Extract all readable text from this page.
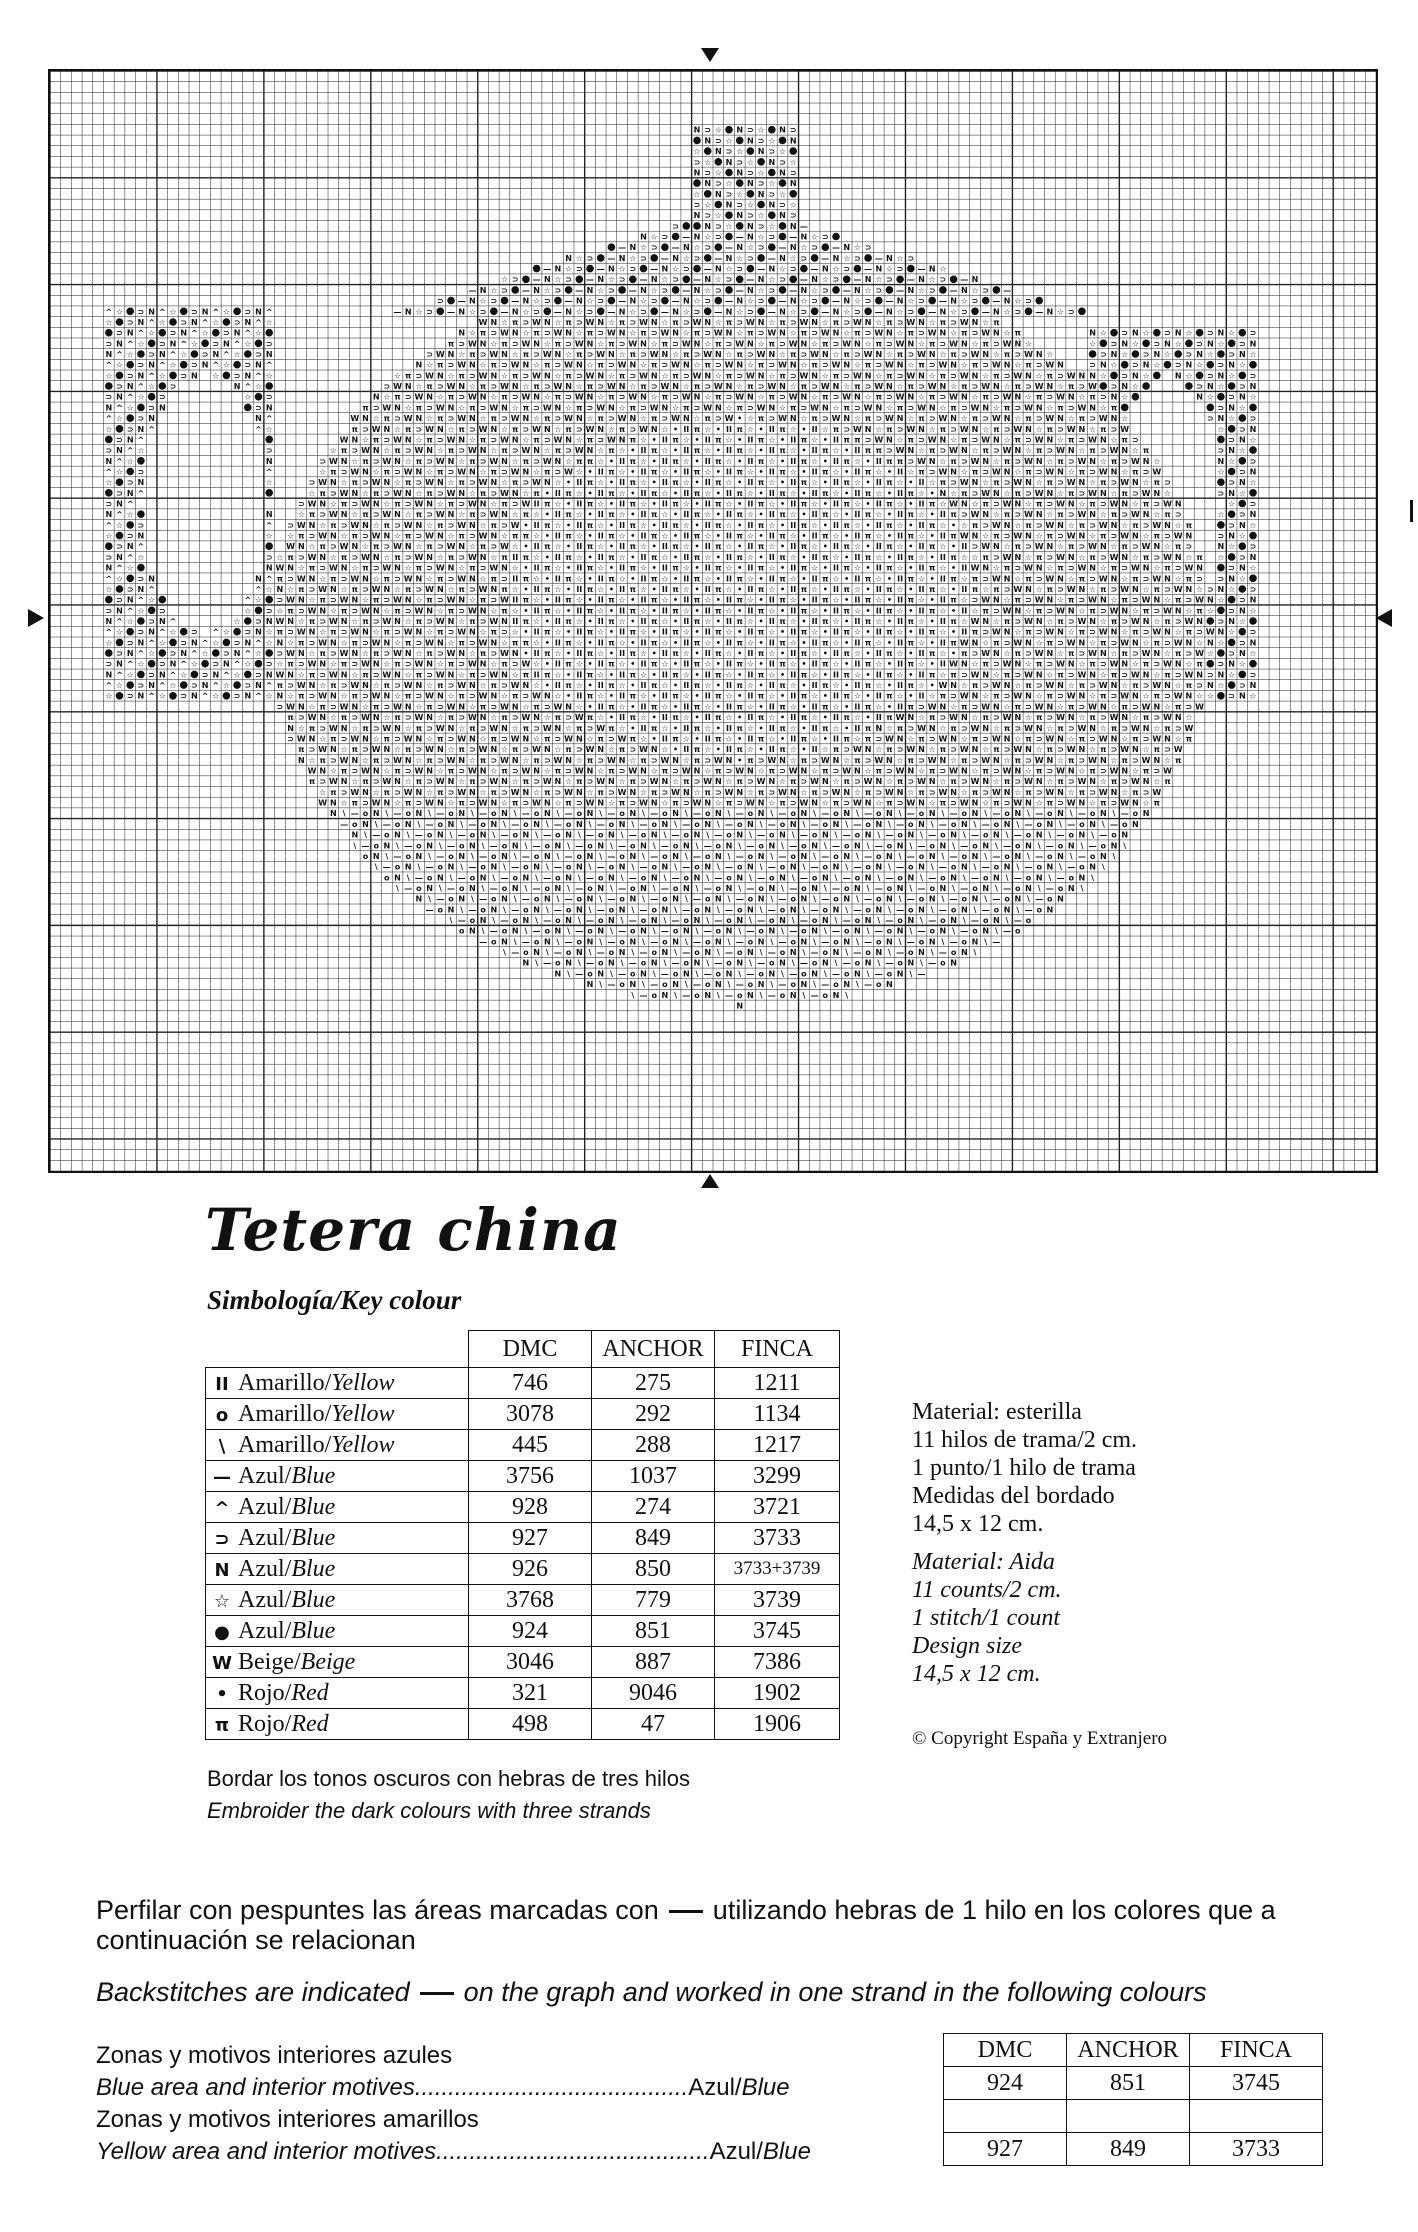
N ⊃ ☆ N ⊃ ☆ N ⊃
N ⊃ ☆ N ⊃ ☆ N
☆ N ⊃ ☆ N ⊃ ☆
⊃ ☆ N ⊃ ☆ N ⊃ ☆
N ⊃ ☆ N ⊃ ☆ N ⊃
N ⊃ ☆ N ⊃ ☆ N
☆ N ⊃ ☆ N ⊃ ☆
⊃ ☆ N ⊃ ☆ N ⊃ ☆
N ⊃ ☆ N ⊃ ☆ N ⊃
⊃	N ⊃ ☆ N ⊃ ☆ N —
N ☆ ⊃ — N ☆ ⊃ — N ☆ ⊃ — N ☆ ⊃
— N ☆ ⊃ — N ☆ ⊃ — N ☆ ⊃ — N ☆ ⊃ — N ☆ ⊃
N ☆ ⊃ — N ☆ ⊃ — N ☆ ⊃ — N ☆ ⊃ — N ☆ ⊃ — N ☆ ⊃ — N ☆ ⊃
— N ☆ ⊃ — N ☆ ⊃ — N ☆ ⊃ — N ☆ ⊃ — N ☆ ⊃ — N ☆ ⊃ — N ☆ ⊃ — N ☆
☆ ⊃ — N ☆ ⊃ — N ☆ ⊃ — N ☆ ⊃ — N ☆ ⊃ — N ☆ ⊃ — N ☆ ⊃ — N ☆ ⊃ — N ☆ ⊃ — N
— N ☆ ⊃ — N ☆ ⊃ — N ☆ ⊃ — N ☆ ⊃ — N ☆ ⊃ — N ☆ ⊃ — N ☆ ⊃ — N ☆ ⊃ — N ☆ ⊃ — N ☆ ⊃ —
⊃ — N ☆ ⊃ — N ☆ ⊃ — N ☆ ⊃ — N ☆ ⊃ — N ☆ ⊃ — N ☆ ⊃ — N ☆ ⊃ — N ☆ ⊃ — N ☆ ⊃ — N ☆ ⊃ — N ☆ ⊃
^ ☆ ⊃ N ^ ☆ ⊃ N ^ ☆ ⊃ N ^	— N ☆ ⊃ — N ☆ ⊃ — N ☆ ⊃ — N ☆ ⊃ — N ☆ ⊃ — N ☆ ⊃ — N ☆ ⊃ — N ☆ ⊃ — N ☆ ⊃ — N ☆ ⊃ — N ☆ ⊃ — N ☆ ⊃ — N ☆ ⊃
☆ ⊃ N ^ ☆ ⊃ N ^ ☆ ⊃ N ^ ☆	W N ☆ π ⊃ W N ☆ π ⊃ W N ☆ π ⊃ W N ☆ π ⊃ W N ☆ π ⊃ W N ☆ π ⊃ W N ☆ π ⊃ W N ☆ π ⊃ W N ☆ π ⊃ W N ☆ π
⊃ N ^ ☆ ⊃ N ^ ☆ ⊃ N ^ ☆	N ☆ π ⊃ W N ☆ π ⊃ W N ☆ π ⊃ W N ☆ π ⊃ W N ☆ π ⊃ W N ☆ π ⊃ W N ☆ π ⊃ W N ☆ π ⊃ W N ☆ π ⊃ W N ☆ π ⊃ W N ☆ π	N ☆ ⊃ N ☆ ⊃ N ☆ ⊃ N ☆ ⊃
⊃ N ^ ☆ ⊃ N ^ ☆ ⊃ N ^ ☆ ⊃	π ⊃ W N ☆ π ⊃ W N ☆ π ⊃ W N ☆ π ⊃ W N ☆ π ⊃ W N ☆ π ⊃ W N ☆ π ⊃ W N ☆ π ⊃ W N ☆ π ⊃ W N ☆ π ⊃ W N ☆ π ⊃ W N ☆	☆ ⊃ N ☆ ⊃ N ☆ ⊃ N ☆ ⊃ N
N ^ ☆ ⊃ N ^ ☆ ⊃ N ^ ☆ ⊃ N	⊃ W N ☆ π ⊃ W N ☆ π ⊃ W N ☆ π ⊃ W N ☆ π ⊃ W N ☆ π ⊃ W N ☆ π ⊃ W N ☆ π ⊃ W N ☆ π ⊃ W N ☆ π ⊃ W N ☆ π ⊃ W N ☆ π ⊃ W N ☆	⊃ N ☆ ⊃ N ☆ ⊃ N ☆ ⊃ N ☆
^ ☆ ⊃ N ^ ☆ ⊃ N ^ ☆ ⊃ N ^	N ☆ π ⊃ W N ☆ π ⊃ W N ☆ π ⊃ W N ☆ π ⊃ W N ☆ π ⊃ W N ☆ π ⊃ W N ☆ π ⊃ W N ☆ π ⊃ W N ☆ π ⊃ W N ☆ π ⊃ W N ☆ π ⊃ W N ☆ π ⊃ W N	⊃ N ☆ ⊃ N ☆ ⊃ N ☆ ⊃ N ☆
☆ ⊃ N ^ ☆ ⊃ N ☆ ⊃ N ^ ☆	☆ π ⊃ W N ☆ π ⊃ W N ☆ π ⊃ W N ☆ π ⊃ W N ☆ π ⊃ W N ☆ π ⊃ W N ☆ π ⊃ W N ☆ π ⊃ W N ☆ π ⊃ W N ☆ π ⊃ W N ☆ π ⊃ W N ☆ π ⊃ W N ☆ π ⊃ W N N ☆ ⊃ N ☆	N ☆ ⊃ N ☆ ⊃
⊃ N ^ ☆ ⊃	N ^ ☆	⊃ W N ☆ π ⊃ W N ☆ π ⊃ W N ☆ π ⊃ W N ☆ π ⊃ W N ☆ π ⊃ W N ☆ π ⊃ W N ☆ π ⊃ W N ☆ π ⊃ W N ☆ π ⊃ W N ☆ π ⊃ W N ☆ π ⊃ W N ☆ π ⊃ W N ☆ π ⊃ W ⊃ N ☆	⊃ N ☆ ⊃ N
⊃ N ^ ☆ ⊃	☆ ⊃	N ☆ π ⊃ W N ☆ π ⊃ W N ☆ π ⊃ W N ☆ π ⊃ W N ☆ π ⊃ W N ☆ π ⊃ W N ☆ π ⊃ W N ☆ π ⊃ W N ☆ π ⊃ W N ☆ π ⊃ W N ☆ π ⊃ W N ☆ π ⊃ W N ☆ π ⊃ W N ☆ π ⊃ N ☆	N ☆ ⊃ N ☆
N ^ ☆ ⊃ N	⊃ N	π ⊃ W N ☆ π ⊃ W N ☆ π ⊃ W N ☆ π ⊃ W N ☆ π ⊃ W N ☆ π ⊃ W N ☆ π ⊃ W N ☆ π ⊃ W N ☆ π ⊃ W N ☆ π ⊃ W N ☆ π ⊃ W N ☆ π ⊃ W N ☆ π ⊃ W N ☆ π ⊃ W N ☆ π	⊃ N ☆
^ ☆ ⊃ N	N ^	W N ☆ π ⊃ W N ☆ π ⊃ W N ☆ π ⊃ W N ☆ π ⊃ W N ☆ π ⊃ W N ☆ π ⊃ W N ☆ π ⊃ W • ☆ π ⊃ W N ☆ π ⊃ W N ☆ π ⊃ W N ☆ π ⊃ W N ☆ π ⊃ W N ☆ π ⊃ W N ☆ π ⊃ W N ☆	⊃ N ☆ ⊃
☆ ⊃ N ^	^ ☆	π ⊃ W N ☆ π ⊃ W N ☆ π ⊃ W N ☆ π ⊃ W N ☆ π ⊃ W N ☆ π ⊃ W N ☆ • II π ☆ • II π ☆ • II π ☆ • II ☆ π ⊃ W N ☆ π ⊃ W N ☆ π ⊃ W N ☆ π ⊃ W N ☆ π ⊃ W N ☆ π ⊃ W	☆ ⊃ N
⊃ N ^	W N ☆ π ⊃ W N ☆ π ⊃ W N ☆ π ⊃ W N ☆ π ⊃ W N ☆ π ⊃ W N π ☆ • II π ☆ • II π ☆ • II π ☆ • II π ☆ • II π π ⊃ W N ☆ π ⊃ W N ☆ π ⊃ W N ☆ π ⊃ W N ☆ π ⊃ W N ☆ π ⊃	⊃ N ☆
⊃ N ^ ☆	⊃	☆ π ⊃ W N ☆ π ⊃ W N ☆ π ⊃ W N ☆ π ⊃ W N ☆ π ⊃ W N ☆ π ☆ • II π ☆ • II π ☆ • II π ☆ • II π ☆ • II π ☆ • II π π ⊃ W N ☆ π ⊃ W N ☆ π ⊃ W N ☆ π ⊃ W N ☆ π ⊃ W N ☆ π	⊃ N ☆
N ^ ☆	N	⊃ W N ☆ π ⊃ W N ☆ π ⊃ W N ☆ π ⊃ W N ☆ π ⊃ W N ☆ π π ☆ • II π ☆ • II π ☆ • II π ☆ • II π ☆ • II π ☆ • II π ☆ • II π π ⊃ W N ☆ π ⊃ W N ☆ π ⊃ W N ☆ π ⊃ W N ☆ π ⊃ W N ☆	N ☆ ⊃
^ ☆ ⊃	^	☆ π ⊃ W N ☆ π ⊃ W N ☆ π ⊃ W N ☆ π ⊃ W N ☆ π ⊃ W ☆ • II π ☆ • II π ☆ • II π ☆ • II π ☆ • II π ☆ • II π ☆ • II π ☆ • II ☆ π ⊃ W N ☆ π ⊃ W N ☆ π ⊃ W N ☆ π ⊃ W N ☆ π ⊃ W	☆ ⊃ N
☆ ⊃ N	☆	⊃ W N ☆ π ⊃ W N ☆ π ⊃ W N ☆ π ⊃ W N ☆ π ⊃ W N ☆ • II π ☆ • II π ☆ • II π ☆ • II π ☆ • II π ☆ • II π ☆ • II π ☆ • II π ☆ • II ☆ π ⊃ W N ☆ π ⊃ W N ☆ π ⊃ W N ☆ π ⊃ W N ☆ π ⊃	⊃ N ☆
⊃ N ^	☆ π ⊃ W N ☆ π ⊃ W N ☆ π ⊃ W N ☆ π ⊃ W N ☆ π • II π ☆ • II π ☆ • II π ☆ • II π ☆ • II π ☆ • II π ☆ • II π ☆ • II π ☆ • II π ☆ • N ☆ π ⊃ W N ☆ π ⊃ W N ☆ π ⊃ W N ☆ π ⊃ W N ☆	⊃ N ☆
⊃ N ^	⊃ W N ☆ π ⊃ W N ☆ π ⊃ W N ☆ π ⊃ W N ☆ π ⊃ W II π ☆ • II π ☆ • II π ☆ • II π ☆ • II π ☆ • II π ☆ • II π ☆ • II π ☆ • II π ☆ • II π ☆ W N ☆ π ⊃ W N ☆ π ⊃ W N ☆ π ⊃ W N ☆ π ⊃ W N	☆ ⊃
N ^ ☆	N	☆ π ⊃ W N ☆ π ⊃ W N ☆ π ⊃ W N ☆ π ⊃ W N ☆ π ☆ • II π ☆ • II π ☆ • II π ☆ • II π ☆ • II π ☆ • II π ☆ • II π ☆ • II π ☆ • II π ☆ • II π ⊃ W N ☆ π ⊃ W N ☆ π ⊃ W N ☆ π ⊃ W N ☆ π ⊃	☆ ⊃ N
^ ☆ ⊃	^ ⊃ W N ☆ π ⊃ W N ☆ π ⊃ W N ☆ π ⊃ W N ☆ π ⊃ W • II π ☆ • II π ☆ • II π ☆ • II π ☆ • II π ☆ • II π ☆ • II π ☆ • II π ☆ • II π ☆ • II π ☆ • ☆ π ⊃ W N ☆ π ⊃ W N ☆ π ⊃ W N ☆ π ⊃ W N ☆ π	⊃ N ☆
☆ ⊃ N	☆ ☆ π ⊃ W N ☆ π ⊃ W N ☆ π ⊃ W N ☆ π ⊃ W N ☆ π π ☆ • II π ☆ • II π ☆ • II π ☆ • II π ☆ • II π ☆ • II π ☆ • II π ☆ • II π ☆ • II π ☆ • II π W N ☆ π ⊃ W N ☆ π ⊃ W N ☆ π ⊃ W N ☆ π ⊃ W N	⊃ N ☆
⊃ N ^	W N ☆ π ⊃ W N ☆ π ⊃ W N ☆ π ⊃ W N ☆ π ⊃ W ☆ • II π ☆ • II π ☆ • II π ☆ • II π ☆ • II π ☆ • II π ☆ • II π ☆ • II π ☆ • II π ☆ • II π ☆ • II ⊃ W N ☆ π ⊃ W N ☆ π ⊃ W N ☆ π ⊃ W N ☆ π ⊃	N ☆ ⊃
⊃ N ^ ☆	⊃ ☆ π ⊃ W N ☆ π ⊃ W N ☆ π ⊃ W N ☆ π ⊃ W N ☆ π II π ☆ • II π ☆ • II π ☆ • II π ☆ • II π ☆ • II π ☆ • II π ☆ • II π ☆ • II π ☆ • II π ☆ • II π ☆ ☆ π ⊃ W N ☆ π ⊃ W N ☆ π ⊃ W N ☆ π ⊃ W N ☆ π ☆ ⊃ N
N ^ ☆	N W N ☆ π ⊃ W N ☆ π ⊃ W N ☆ π ⊃ W N ☆ π ⊃ W N ☆ • II π ☆ • II π ☆ • II π ☆ • II π ☆ • II π ☆ • II π ☆ • II π ☆ • II π ☆ • II π ☆ • II π ☆ • II W N ☆ π ⊃ W N ☆ π ⊃ W N ☆ π ⊃ W N ☆ π ⊃ W N	⊃ N ☆
^ ☆ ⊃ N	N ^ π ⊃ W N ☆ π ⊃ W N ☆ π ⊃ W N ☆ π ⊃ W N ☆ π ⊃ II π ☆ • II π ☆ • II π ☆ • II π ☆ • II π ☆ • II π ☆ • II π ☆ • II π ☆ • II π ☆ • II π ☆ • II π ☆ π ⊃ W N ☆ π ⊃ W N ☆ π ⊃ W N ☆ π ⊃ W N ☆ π ⊃ ⊃ N ☆
☆ ⊃ N ^	^ ☆ N ☆ π ⊃ W N ☆ π ⊃ W N ☆ π ⊃ W N ☆ π ⊃ W N π ☆ • II π ☆ • II π ☆ • II π ☆ • II π ☆ • II π ☆ • II π ☆ • II π ☆ • II π ☆ • II π ☆ • II π ☆ • II π ☆ π ⊃ W N ☆ π ⊃ W N ☆ π ⊃ W N ☆ π ⊃ W N ☆ ⊃ N ☆ ⊃
⊃ N ^ ☆	^ ☆ ⊃ W N ☆ π ⊃ W N ☆ π ⊃ W N ☆ π ⊃ W N ☆ π ⊃ W II π ☆ • II π ☆ • II π ☆ • II π ☆ • II π ☆ • II π ☆ • II π ☆ • II π ☆ • II π ☆ • II π ☆ • II π ☆ ⊃ W N ☆ π ⊃ W N ☆ π ⊃ W N ☆ π ⊃ W N ☆ π ⊃ W N ☆ ⊃ N
⊃ N ^ ☆ ⊃	☆ ⊃ ☆ π ⊃ W N ☆ π ⊃ W N ☆ π ⊃ W N ☆ π ⊃ W N ☆ π ☆ • II π ☆ • II π ☆ • II π ☆ • II π ☆ • II π ☆ • II π ☆ • II π ☆ • II π ☆ • II π ☆ • II π ☆ • II ☆ π ⊃ W N ☆ π ⊃ W N ☆ π ⊃ W N ☆ π ⊃ W N ☆ π ☆ ⊃ N ☆
N ^ ☆ ⊃ N ^	☆ ⊃ N W N ☆ π ⊃ W N ☆ π ⊃ W N ☆ π ⊃ W N ☆ π ⊃ W N II π ☆ • II π ☆ • II π ☆ • II π ☆ • II π ☆ • II π ☆ • II π ☆ • II π ☆ • II π ☆ • II π ☆ • II π ☆ W N ☆ π ⊃ W N ☆ π ⊃ W N ☆ π ⊃ W N ☆ π ⊃ W N ⊃ N ☆
^ ☆ ⊃ N ^ ☆ ⊃ ^ ☆ ⊃ N ☆ π ⊃ W N ☆ π ⊃ W N ☆ π ⊃ W N ☆ π ⊃ W N ☆ π ⊃ ☆ • II π ☆ • II π ☆ • II π ☆ • II π ☆ • II π ☆ • II π ☆ • II π ☆ • II π ☆ • II π ☆ • II π ☆ • II π ⊃ W N ☆ π ⊃ W N ☆ π ⊃ W N ☆ π ⊃ W N ☆ π ⊃ W N ☆ ⊃
☆ ⊃ N ^ ☆ ⊃ N ^ ☆ ⊃ N ^ ☆ N ☆ π ⊃ W N ☆ π ⊃ W N ☆ π ⊃ W N ☆ π ⊃ W N ☆ π π ☆ • II π ☆ • II π ☆ • II π ☆ • II π ☆ • II π ☆ • II π ☆ • II π ☆ • II π ☆ • II π ☆ • II π W N ☆ π ⊃ W N ☆ π ⊃ W N ☆ π ⊃ W N ☆ π ⊃ W N ☆ N ☆ ⊃ N
⊃ N ^ ☆ ⊃ N ^ ☆ ⊃ N ^ ☆ ⊃ W N ☆ π ⊃ W N ☆ π ⊃ W N ☆ π ⊃ W N ☆ π ⊃ W N • II π ☆ • II π ☆ • II π ☆ • II π ☆ • II π ☆ • II π ☆ • II π ☆ • II π ☆ • II π ☆ • II π ☆ • π ⊃ W N ☆ π ⊃ W N ☆ π ⊃ W N ☆ π ⊃ W N ☆ π ⊃ W ☆ ⊃ N ☆
⊃ N ^ ☆ ⊃ N ^ ☆ ⊃ N ^ ☆ ⊃ ☆ π ⊃ W N ☆ π ⊃ W N ☆ π ⊃ W N ☆ π ⊃ W N ☆ π ⊃ W ☆ • II π ☆ • II π ☆ • II π ☆ • II π ☆ • II π ☆ • II π ☆ • II π ☆ • II π ☆ • II π ☆ • II W N ☆ π ⊃ W N ☆ π ⊃ W N ☆ π ⊃ W N ☆ π ⊃ W N ☆ π ⊃ N ☆
N ^ ☆ ⊃ N ^ ☆ ⊃ N ^ ☆ ⊃ N W N ☆ π ⊃ W N ☆ π ⊃ W N ☆ π ⊃ W N ☆ π ⊃ W N ☆ π II π ☆ • II π ☆ • II π ☆ • II π ☆ • II π ☆ • II π ☆ • II π ☆ • II π ☆ • II π ☆ • II π ☆ π ⊃ W N ☆ π ⊃ W N ☆ π ⊃ W N ☆ π ⊃ W N ☆ π ⊃ W N ⊃ N ☆ ⊃
^ ☆ ⊃ N ^ ☆ ⊃ N ^ ☆ ⊃ N ^ π ⊃ W N ☆ π ⊃ W N ☆ π ⊃ W N ☆ π ⊃ W N ☆ π ⊃ W N ☆ • II π ☆ • II π ☆ • II π ☆ • II π ☆ • II π ☆ • II π ☆ • II π ☆ • II π ☆ • II π ☆ • W N ☆ π ⊃ W N ☆ π ⊃ W N ☆ π ⊃ W N ☆ π ⊃ W N ☆ π ⊃ N ☆ ⊃ N
☆ ⊃ N ^ ☆ ⊃ N ^ ☆ ⊃ N ^ ☆ N ☆ π ⊃ W N ☆ π ⊃ W N ☆ π ⊃ W N ☆ π ⊃ W N ☆ π ⊃ W N ☆ • II π ☆ • II π ☆ • II π ☆ • II π ☆ • II π ☆ • II π ☆ • II π ☆ • II π ☆ • II ☆ π ⊃ W N ☆ π ⊃ W N ☆ π ⊃ W N ☆ π ⊃ W N ☆ π ⊃ W N ☆ ☆ ⊃ N ☆
⊃ W N ☆ π ⊃ W N ☆ π ⊃ W N ☆ π ⊃ W N ☆ π ⊃ W N ☆ π ⊃ W N ☆ • II π ☆ • II π ☆ • II π ☆ • II π ☆ • II π ☆ • II π ☆ • II π ☆ • II π ⊃ W N ☆ π ⊃ W N ☆ π ⊃ W N ☆ π ⊃ W N ☆ π ⊃ W N ☆ π ⊃ W
π ⊃ W N ☆ π ⊃ W N ☆ π ⊃ W N ☆ π ⊃ W N ☆ π ⊃ W N ☆ π ⊃ W π ☆ • II π ☆ • II π ☆ • II π ☆ • II π ☆ • II π ☆ • II π ☆ • II π W N ☆ π ⊃ W N ☆ π ⊃ W N ☆ π ⊃ W N ☆ π ⊃ W N ☆ π ⊃ W N ☆
N ☆ π ⊃ W N ☆ π ⊃ W N ☆ π ⊃ W N ☆ π ⊃ W N ☆ π ⊃ W N ☆ π ⊃ W π ☆ • II π ☆ • II π ☆ • II π ☆ • II π ☆ • II π ☆ • II π N ☆ π ⊃ W N ☆ π ⊃ W N ☆ π ⊃ W N ☆ π ⊃ W N ☆ π ⊃ W N ☆ π ⊃ W
⊃ W N ☆ π ⊃ W N ☆ π ⊃ W N ☆ π ⊃ W N ☆ π ⊃ W N ☆ π ⊃ W N ☆ π ⊃ W π ☆ • II π ☆ • II π ☆ • II π ☆ • II π ☆ • II π ☆ π ⊃ W N ☆ π ⊃ W N ☆ π ⊃ W N ☆ π ⊃ W N ☆ π ⊃ W N ☆ π ⊃ W N ☆ π
π ⊃ W N ☆ π ⊃ W N ☆ π ⊃ W N ☆ π ⊃ W N ☆ π ⊃ W N ☆ π ⊃ W N ☆ π ⊃ W N ☆ • II π ☆ • II π ☆ • II π ☆ • II ☆ π ⊃ W N ☆ π ⊃ W N ☆ π ⊃ W N ☆ π ⊃ W N ☆ π ⊃ W N ☆ π ⊃ W N ☆ π ⊃ W
N ☆ π ⊃ W N ☆ π ⊃ W N ☆ π ⊃ W N ☆ π ⊃ W N ☆ π ⊃ W N ☆ π ⊃ W N ☆ π ⊃ W N ☆ π ⊃ W N • π ⊃ W N ☆ π ⊃ W N ☆ π ⊃ W N ☆ π ⊃ W N ☆ π ⊃ W N ☆ π ⊃ W N ☆ π ⊃ W N ☆ π ⊃ W N ☆ π
W N ☆ π ⊃ W N ☆ π ⊃ W N ☆ π ⊃ W N ☆ π ⊃ W N ☆ π ⊃ W N ☆ π ⊃ W N ☆ π ⊃ W N ☆ π ⊃ W N ☆ π ⊃ W N ☆ π ⊃ W N ☆ π ⊃ W N ☆ π ⊃ W N ☆ π ⊃ W N ☆ π ⊃ W N ☆ π ⊃ W N ☆ π ⊃ W
π ⊃ W N ☆ π ⊃ W N ☆ π ⊃ W N ☆ π ⊃ W N ☆ π ⊃ W N ☆ π ⊃ W N ☆ π ⊃ W N ☆ π ⊃ W N ☆ π ⊃ W N ☆ π ⊃ W N ☆ π ⊃ W N ☆ π ⊃ W N ☆ π ⊃ W N ☆ π ⊃ W N ☆ π ⊃ W N ☆ π ⊃ W N ☆ π
☆ π ⊃ W N ☆ π ⊃ W N ☆ π ⊃ W N ☆ π ⊃ W N ☆ π ⊃ W N ☆ π ⊃ W N ☆ π ⊃ W N ☆ π ⊃ W N ☆ π ⊃ W N ☆ π ⊃ W N ☆ π ⊃ W N ☆ π ⊃ W N ☆ π ⊃ W N ☆ π ⊃ W N ☆ π ⊃ W N ☆ π ⊃ W
W N ☆ π ⊃ W N ☆ π ⊃ W N ☆ π ⊃ W N ☆ π ⊃ W N ☆ π ⊃ W N ☆ π ⊃ W N ☆ π ⊃ W N ☆ π ⊃ W N ☆ π ⊃ W N ☆ π ⊃ W N ☆ π ⊃ W N ☆ π ⊃ W N ☆ π ⊃ W N ☆ π ⊃ W N ☆ π ⊃ W N ☆ π
N \ — o N \ — o N \ — o N \ — o N \ — o N \ — o N \ — o N \ — o N \ — o N \ — o N \ — o N \ — o N \ — o N \ — o N \ — o N \ — o N \ — o N \ — o N \ — o N
— o N \ — o N \ — o N \ — o N \ — o N \ — o N \ — o N \ — o N \ — o N \ — o N \ — o N \ — o N \ — o N \ — o N \ — o N \ — o N \ — o N \ — o N \ — o N
N \ — o N \ — o N \ — o N \ — o N \ — o N \ — o N \ — o N \ — o N \ — o N \ — o N \ — o N \ — o N \ — o N \ — o N \ — o N \ — o N \ — o N \ — o N
\ — o N \ — o N \ — o N \ — o N \ — o N \ — o N \ — o N \ — o N \ — o N \ — o N \ — o N \ — o N \ — o N \ — o N \ — o N \ — o N \ — o N \ — o N \
o N \ — o N \ — o N \ — o N \ — o N \ — o N \ — o N \ — o N \ — o N \ — o N \ — o N \ — o N \ — o N \ — o N \ — o N \ — o N \ — o N \ — o N \
\ — o N \ — o N \ — o N \ — o N \ — o N \ — o N \ — o N \ — o N \ — o N \ — o N \ — o N \ — o N \ — o N \ — o N \ — o N \ — o N \ — o N \
o N \ — o N \ — o N \ — o N \ — o N \ — o N \ — o N \ — o N \ — o N \ — o N \ — o N \ — o N \ — o N \ — o N \ — o N \ — o N \ — o N \
\ — o N \ — o N \ — o N \ — o N \ — o N \ — o N \ — o N \ — o N \ — o N \ — o N \ — o N \ — o N \ — o N \ — o N \ — o N \ — o N \
N \ — o N \ — o N \ — o N \ — o N \ — o N \ — o N \ — o N \ — o N \ — o N \ — o N \ — o N \ — o N \ — o N \ — o N \ — o N
— o N \ — o N \ — o N \ — o N \ — o N \ — o N \ — o N \ — o N \ — o N \ — o N \ — o N \ — o N \ — o N \ — o N \ — o N
\ — o N \ — o N \ — o N \ — o N \ — o N \ — o N \ — o N \ — o N \ — o N \ — o N \ — o N \ — o N \ — o N \ — o
o N \ — o N \ — o N \ — o N \ — o N \ — o N \ — o N \ — o N \ — o N \ — o N \ — o N \ — o N \ — o N \ — o
— o N \ — o N \ — o N \ — o N \ — o N \ — o N \ — o N \ — o N \ — o N \ — o N \ — o N \ — o N \ —
\ — o N \ — o N \ — o N \ — o N \ — o N \ — o N \ — o N \ — o N \ — o N \ — o N \ — o N \
N \ — o N \ — o N \ — o N \ — o N \ — o N \ — o N \ — o N \ — o N \ — o N \ — o N
N \ — o N \ — o N \ — o N \ — o N \ — o N \ — o N \ — o N \ — o N \ —
N \ — o N \ — o N \ — o N \ — o N \ — o N \ — o N \ — o N
\ — o N \ — o N \ — o N \ — o N \ — o N \
N
Tetera china
Simbología/Key colour
	DMC	ANCHOR	FINCA
II Amarillo/Yellow	746	275	1211
o Amarillo/Yellow	3078	292	1134
\ Amarillo/Yellow	445	288	1217
— Azul/Blue	3756	1037	3299
^ Azul/Blue	928	274	3721
⊃ Azul/Blue	927	849	3733
N Azul/Blue	926	850	3733+3739
☆ Azul/Blue	3768	779	3739
● Azul/Blue	924	851	3745
W Beige/Beige	3046	887	7386
• Rojo/Red	321	9046	1902
π Rojo/Red	498	47	1906
Material: esterilla
11 hilos de trama/2 cm.
1 punto/1 hilo de trama
Medidas del bordado
14,5 x 12 cm.
Material: Aida
11 counts/2 cm.
1 stitch/1 count
Design size
14,5 x 12 cm.
© Copyright España y Extranjero
Bordar los tonos oscuros con hebras de tres hilos
Embroider the dark colours with three strands
Perfilar con pespuntes las áreas marcadas con utilizando hebras de 1 hilo en los colores que a continuación se relacionan
Backstitches are indicated on the graph and worked in one strand in the following colours
Zonas y motivos interiores azules
Blue area and interior motives.........................................Azul/Blue
Zonas y motivos interiores amarillos
Yellow area and interior motives.........................................Azul/Blue
DMC	ANCHOR	FINCA
924	851	3745

927	849	3733
